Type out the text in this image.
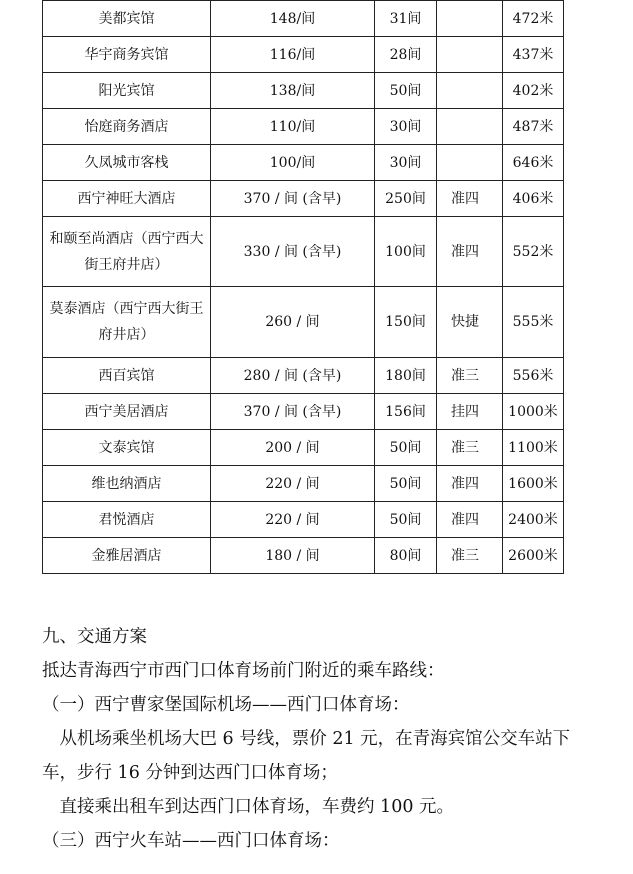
美都宾馆	148/间	31间		472米
华宇商务宾馆	116/间	28间		437米
阳光宾馆	138/间	50间		402米
怡庭商务酒店	110/间	30间		487米
久凤城市客栈	100/间	30间		646米
西宁神旺大酒店	370 / 间 (含早)	250间	准四	406米
和颐至尚酒店（西宁西大街王府井店）	330 / 间 (含早)	100间	准四	552米
莫泰酒店（西宁西大街王府井店）	260 / 间	150间	快捷	555米
西百宾馆	280 / 间 (含早)	180间	准三	556米
西宁美居酒店	370 / 间 (含早)	156间	挂四	1000米
文泰宾馆	200 / 间	50间	准三	1100米
维也纳酒店	220 / 间	50间	准四	1600米
君悦酒店	220 / 间	50间	准四	2400米
金雅居酒店	180 / 间	80间	准三	2600米

九、交通方案

抵达青海西宁市西门口体育场前门附近的乘车路线：

（一）西宁曹家堡国际机场——西门口体育场：

从机场乘坐机场大巴 6 号线，票价 21 元，在青海宾馆公交车站下车，步行 16 分钟到达西门口体育场；

直接乘出租车到达西门口体育场，车费约 100 元。

（三）西宁火车站——西门口体育场：
